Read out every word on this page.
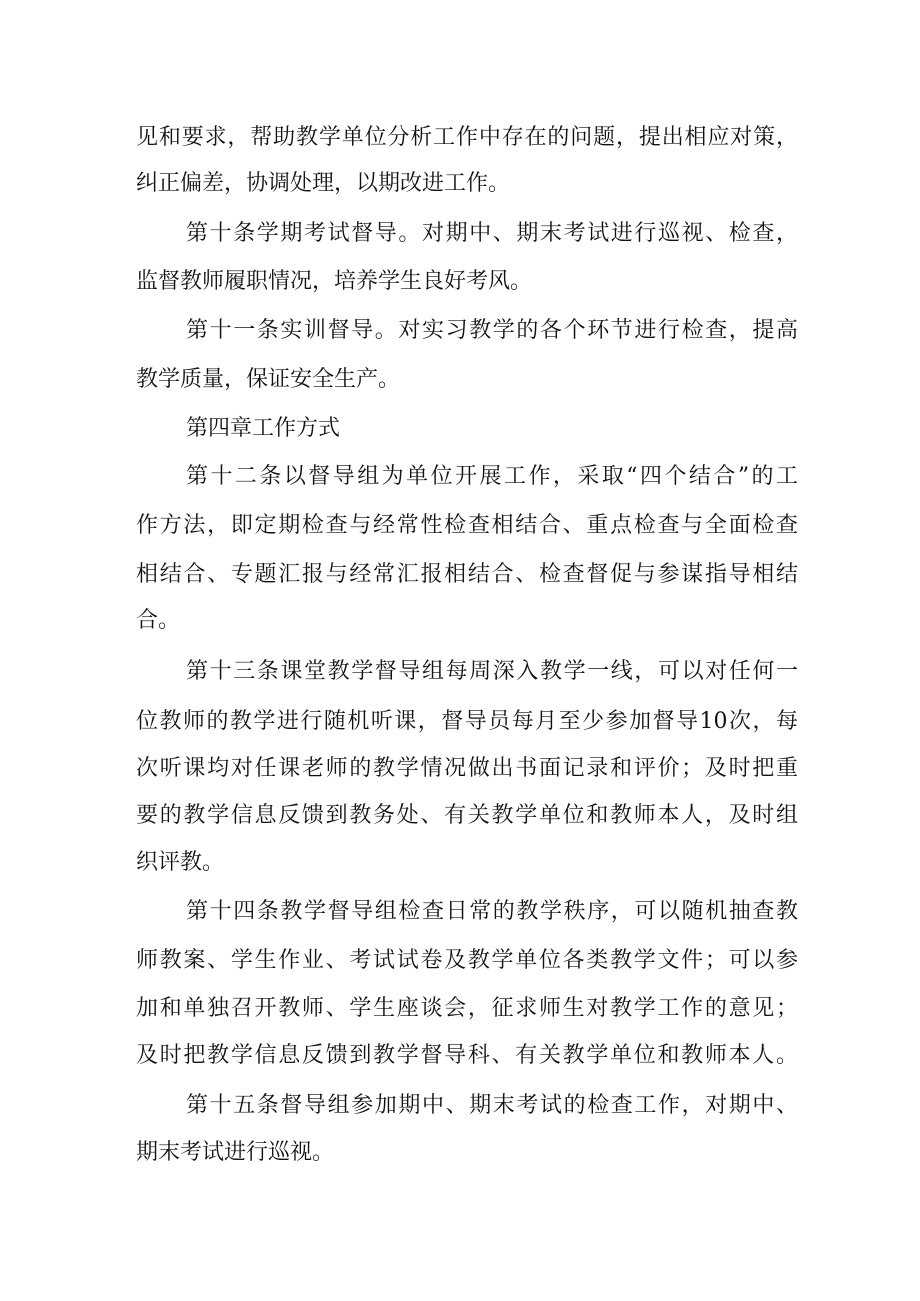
见和要求，帮助教学单位分析工作中存在的问题，提出相应对策，

纠正偏差，协调处理，以期改进工作。

第十条学期考试督导。对期中、期末考试进行巡视、检查，

监督教师履职情况，培养学生良好考风。

第十一条实训督导。对实习教学的各个环节进行检查，提高

教学质量，保证安全生产。

第四章工作方式

第十二条以督导组为单位开展工作，采取“四个结合”的工

作方法，即定期检查与经常性检查相结合、重点检查与全面检查

相结合、专题汇报与经常汇报相结合、检查督促与参谋指导相结

合。

第十三条课堂教学督导组每周深入教学一线，可以对任何一

位教师的教学进行随机听课，督导员每月至少参加督导10次，每

次听课均对任课老师的教学情况做出书面记录和评价；及时把重

要的教学信息反馈到教务处、有关教学单位和教师本人，及时组

织评教。

第十四条教学督导组检查日常的教学秩序，可以随机抽查教

师教案、学生作业、考试试卷及教学单位各类教学文件；可以参

加和单独召开教师、学生座谈会，征求师生对教学工作的意见；

及时把教学信息反馈到教学督导科、有关教学单位和教师本人。

第十五条督导组参加期中、期末考试的检查工作，对期中、

期末考试进行巡视。
